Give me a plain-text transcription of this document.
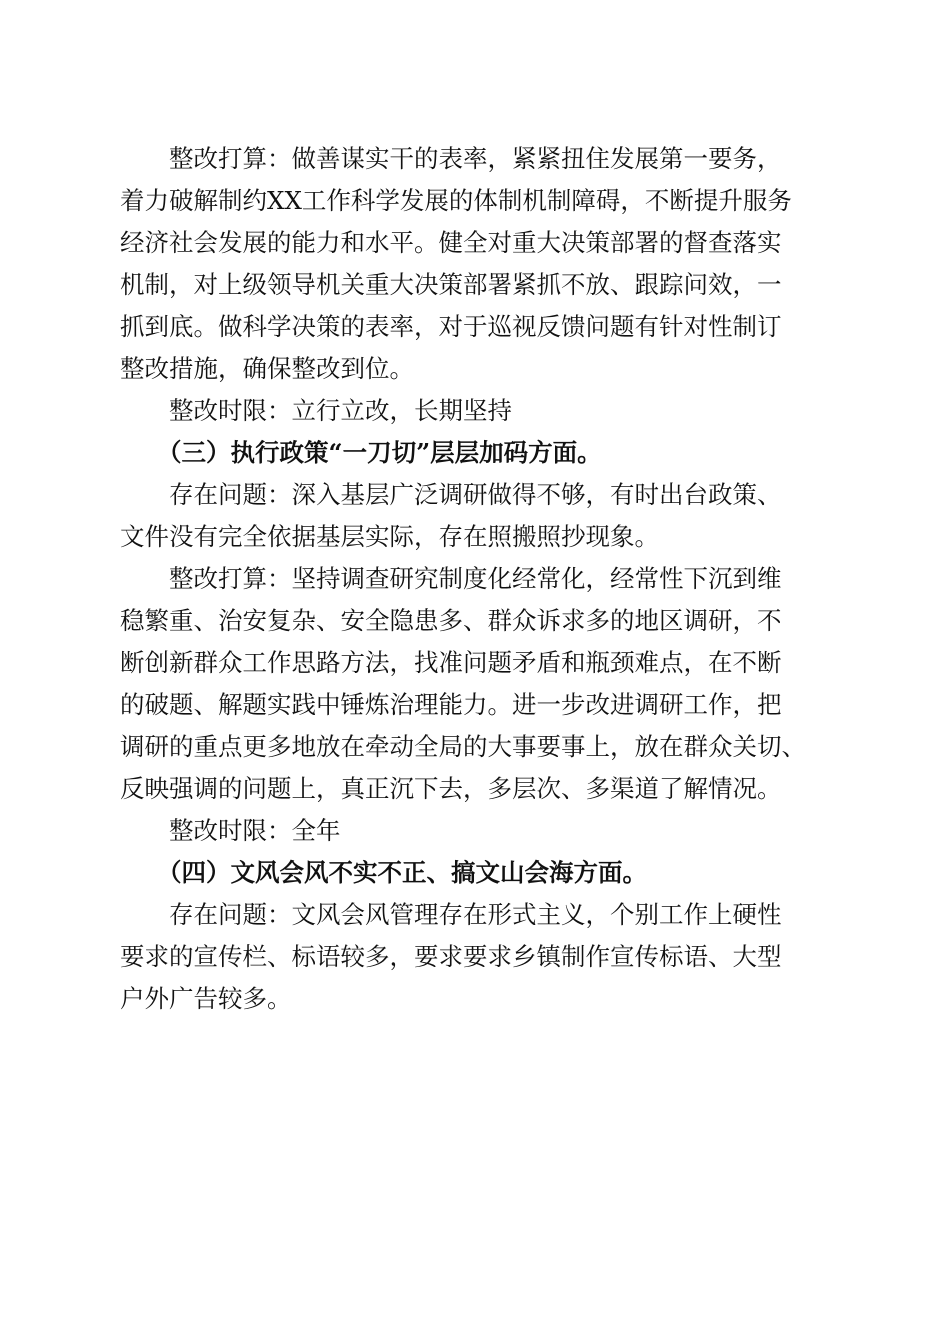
整改打算：做善谋实干的表率，紧紧扭住发展第一要务，
着力破解制约XX工作科学发展的体制机制障碍，不断提升服务
经济社会发展的能力和水平。健全对重大决策部署的督查落实
机制，对上级领导机关重大决策部署紧抓不放、跟踪问效，一
抓到底。做科学决策的表率，对于巡视反馈问题有针对性制订
整改措施，确保整改到位。
整改时限：立行立改，长期坚持
（三）执行政策“一刀切”层层加码方面。
存在问题：深入基层广泛调研做得不够，有时出台政策、
文件没有完全依据基层实际，存在照搬照抄现象。
整改打算：坚持调查研究制度化经常化，经常性下沉到维
稳繁重、治安复杂、安全隐患多、群众诉求多的地区调研，不
断创新群众工作思路方法，找准问题矛盾和瓶颈难点，在不断
的破题、解题实践中锤炼治理能力。进一步改进调研工作，把
调研的重点更多地放在牵动全局的大事要事上，放在群众关切、
反映强调的问题上，真正沉下去，多层次、多渠道了解情况。
整改时限：全年
（四）文风会风不实不正、搞文山会海方面。
存在问题：文风会风管理存在形式主义，个别工作上硬性
要求的宣传栏、标语较多，要求要求乡镇制作宣传标语、大型
户外广告较多。
